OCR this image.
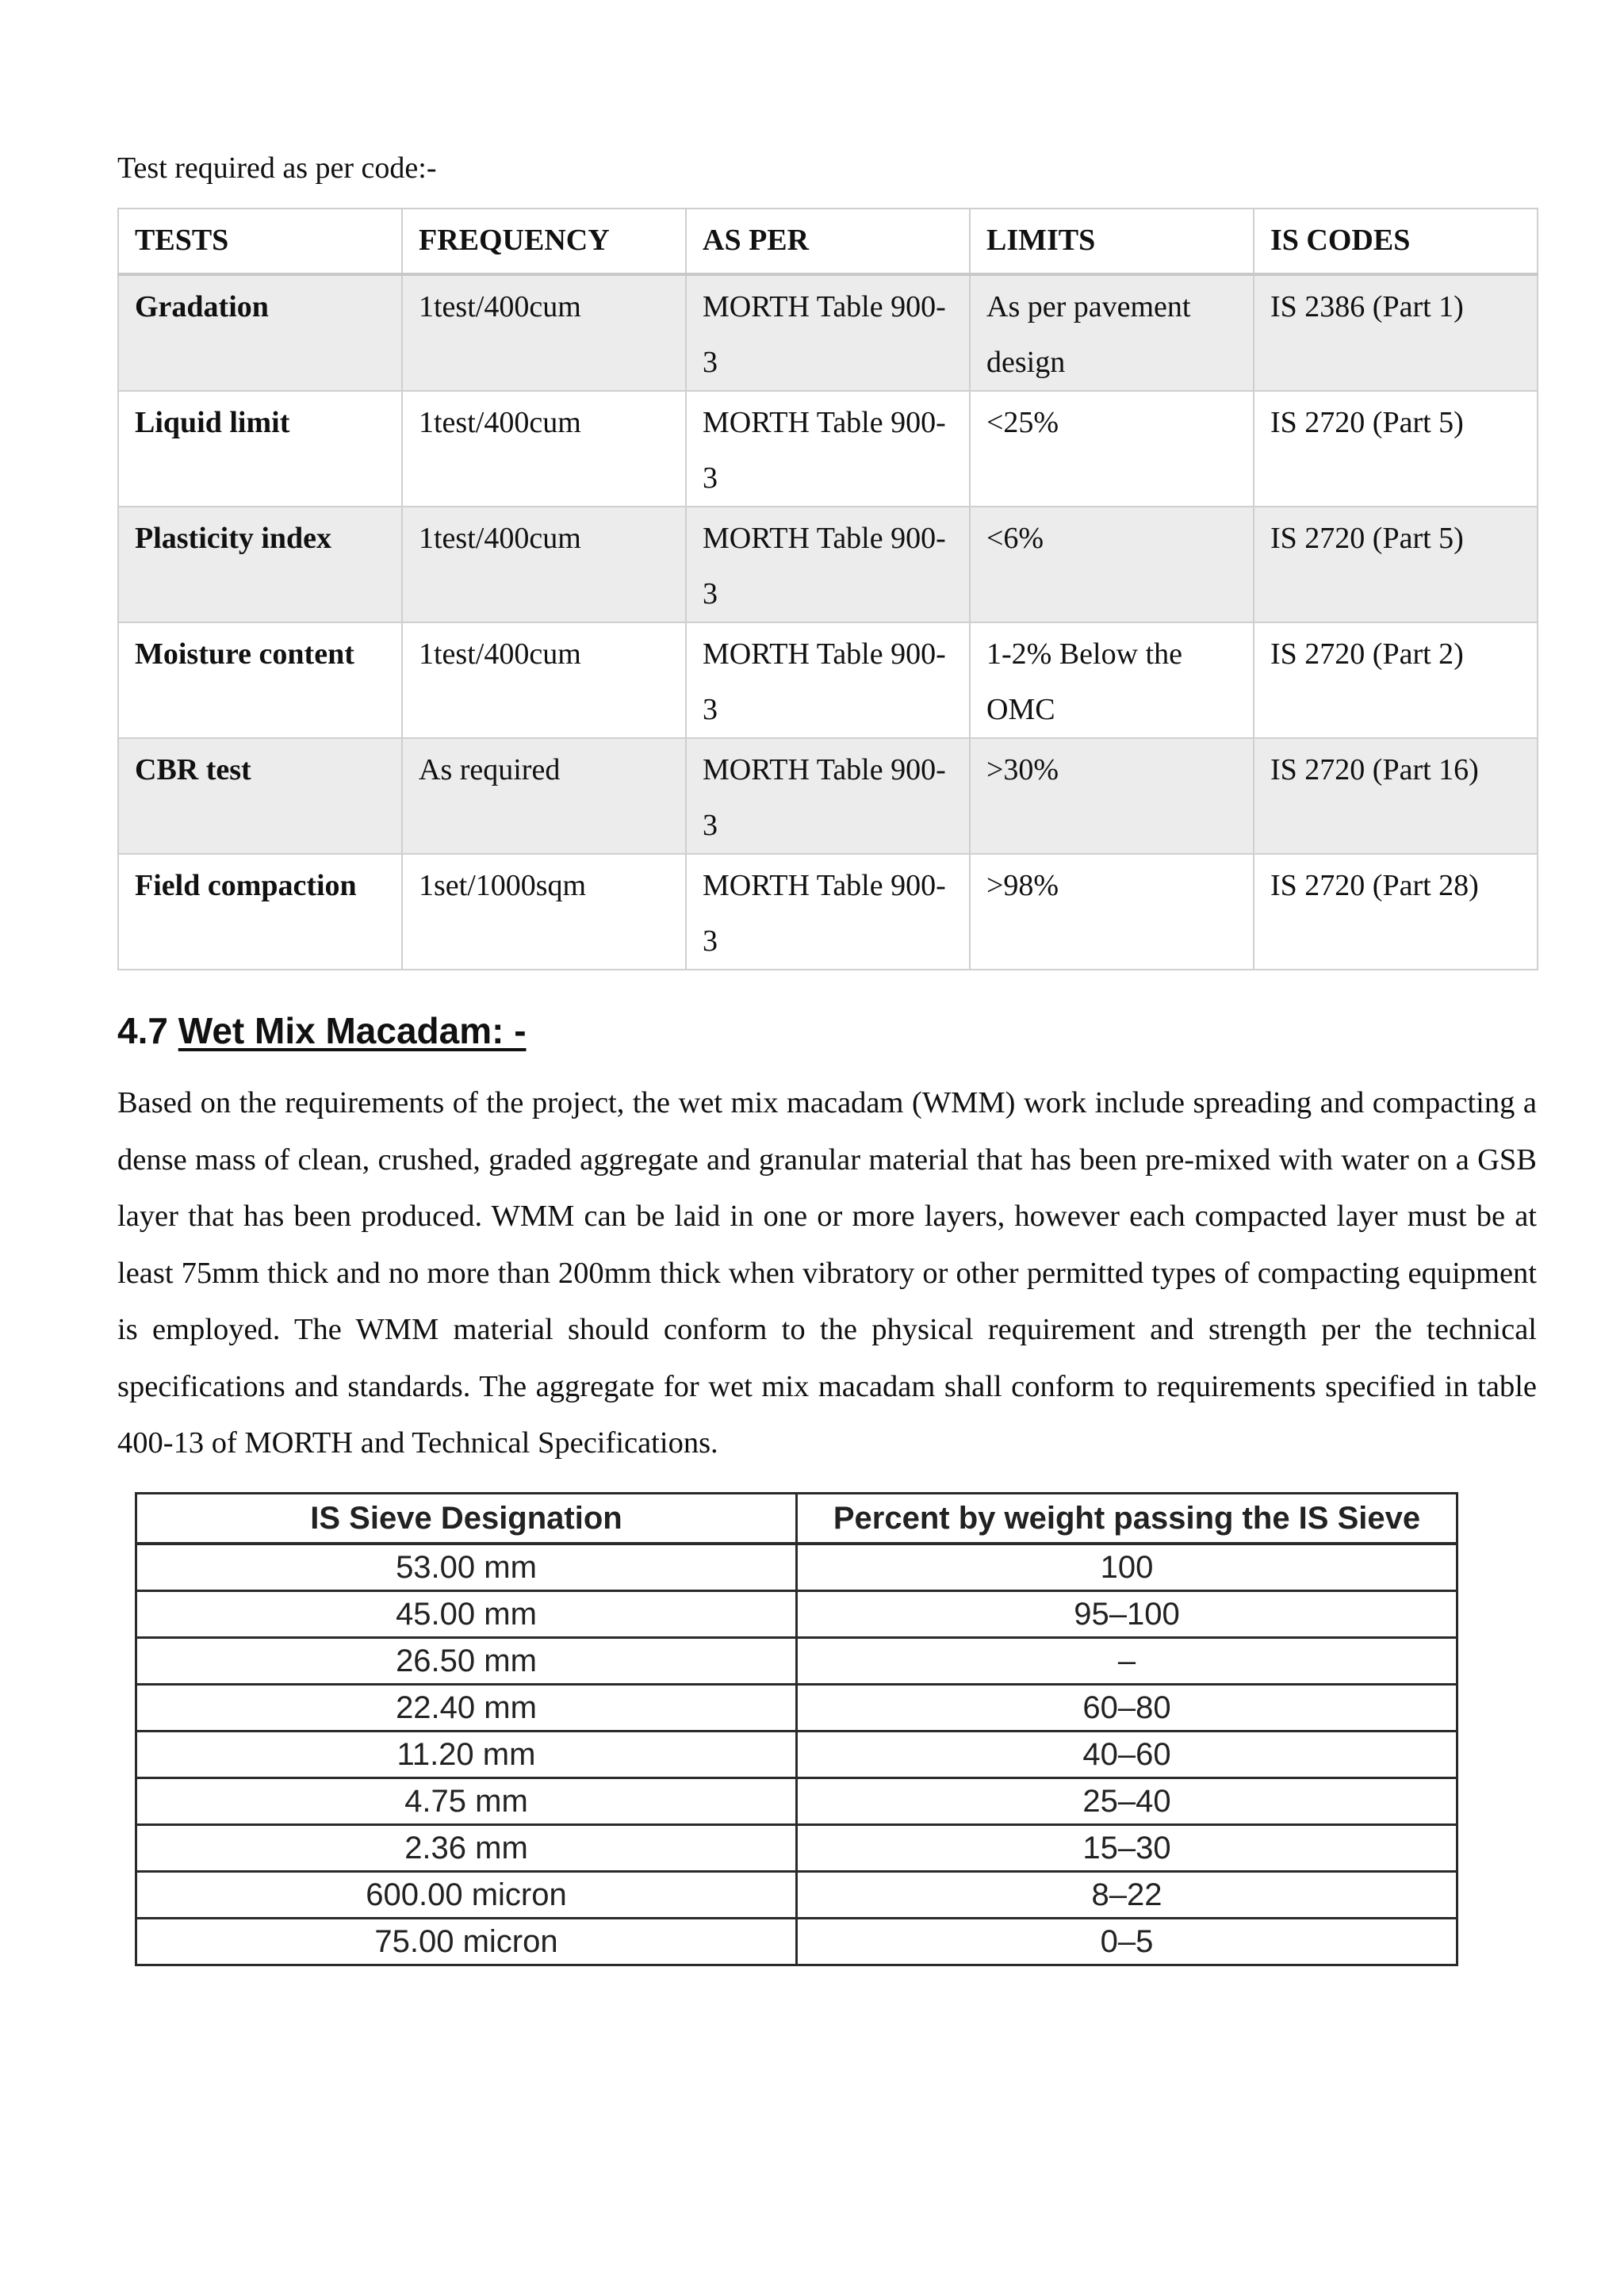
Test required as per code:-
TESTS	FREQUENCY	AS PER	LIMITS	IS CODES
Gradation	1test/400cum	MORTH Table 900-3	As per pavement design	IS 2386 (Part 1)
Liquid limit	1test/400cum	MORTH Table 900-3	<25%	IS 2720 (Part 5)
Plasticity index	1test/400cum	MORTH Table 900-3	<6%	IS 2720 (Part 5)
Moisture content	1test/400cum	MORTH Table 900-3	1-2% Below the OMC	IS 2720 (Part 2)
CBR test	As required	MORTH Table 900-3	>30%	IS 2720 (Part 16)
Field compaction	1set/1000sqm	MORTH Table 900-3	>98%	IS 2720 (Part 28)
4.7 Wet Mix Macadam: -

Based on the requirements of the project, the wet mix macadam (WMM) work include spreading and compacting a dense mass of clean, crushed, graded aggregate and granular material that has been pre-mixed with water on a GSB layer that has been produced. WMM can be laid in one or more layers, however each compacted layer must be at least 75mm thick and no more than 200mm thick when vibratory or other permitted types of compacting equipment is employed. The WMM material should conform to the physical requirement and strength per the technical specifications and standards. The aggregate for wet mix macadam shall conform to requirements specified in table 400-13 of MORTH and Technical Specifications.

IS Sieve Designation	Percent by weight passing the IS Sieve
53.00 mm	100
45.00 mm	95–100
26.50 mm	–
22.40 mm	60–80
11.20 mm	40–60
4.75 mm	25–40
2.36 mm	15–30
600.00 micron	8–22
75.00 micron	0–5
